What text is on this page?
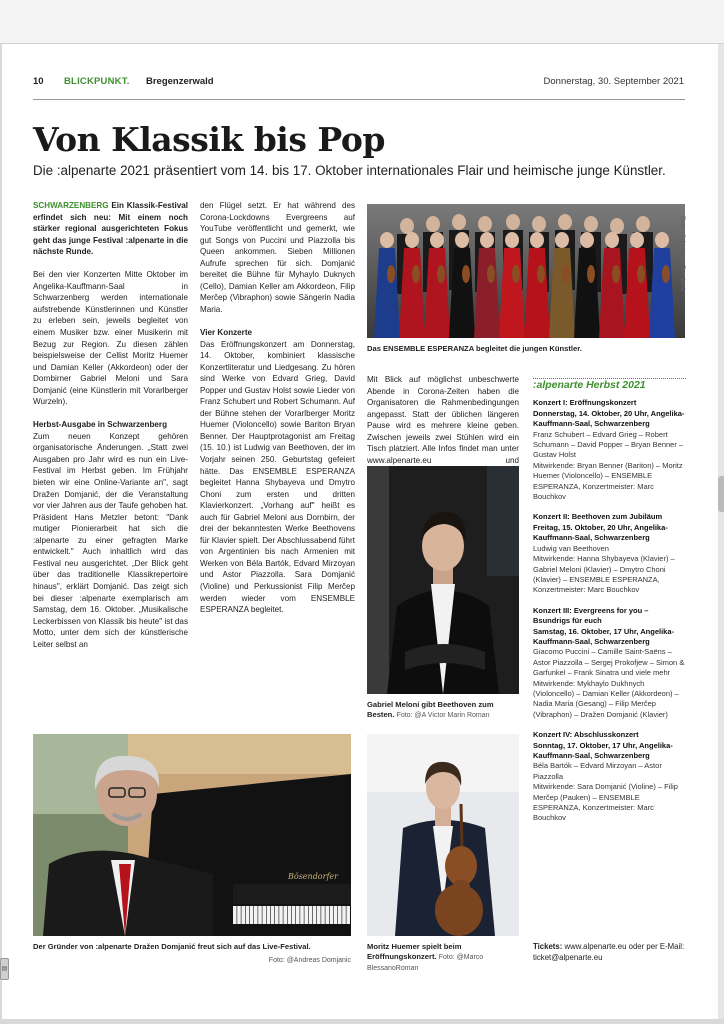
▤
10 BLICKPUNKT. Bregenzerwald	Donnerstag, 30. September 2021
Von Klassik bis Pop
Die :alpenarte 2021 präsentiert vom 14. bis 17. Oktober internationales Flair und heimische junge Künstler.

SCHWARZENBERG Ein Klassik-Festival erfindet sich neu: Mit einem noch stärker regional ausgerichteten Fokus geht das junge Festival :alpenarte in die nächste Runde.

Bei den vier Konzerten Mitte Oktober im Angelika-Kauffmann-Saal in Schwarzenberg werden internationale aufstrebende Künstlerinnen und Künstler zu erleben sein, jeweils begleitet von einem Musiker bzw. einer Musikerin mit Bezug zur Region. Zu diesen zählen beispielsweise der Cellist Moritz Huemer und Damian Keller (Akkordeon) oder der Dornbirner Gabriel Meloni und Sara Domjanić (eine Künstlerin mit Vorarlberger Wurzeln).

Herbst-Ausgabe in Schwarzenberg

Zum neuen Konzept gehören organisatorische Änderungen. „Statt zwei Ausgaben pro Jahr wird es nun ein Live-Festival im Herbst geben. Im Frühjahr bieten wir eine Online-Variante an", sagt Dražen Domjanić, der die Veranstaltung vor vier Jahren aus der Taufe gehoben hat. Präsident Hans Metzler betont: "Dank mutiger Pionierarbeit hat sich die :alpenarte zu einer gefragten Marke entwickelt." Auch inhaltlich wird das Festival neu ausgerichtet. „Der Blick geht über das traditionelle Klassikrepertoire hinaus", erklärt Domjanić. Das zeigt sich bei dieser :alpenarte exemplarisch am Samstag, dem 16. Oktober. „Musikalische Leckerbissen von Klassik bis heute" ist das Motto, unter dem sich der künstlerische Leiter selbst an

den Flügel setzt. Er hat während des Corona-Lockdowns Evergreens auf YouTube veröffentlicht und gemerkt, wie gut Songs von Puccini und Piazzolla bis Queen ankommen. Sieben Millionen Aufrufe sprechen für sich. Domjanić bereitet die Bühne für Myhaylo Duknych (Cello), Damian Keller am Akkordeon, Filip Merčep (Vibraphon) sowie Sängerin Nadia Maria.

Vier Konzerte

Das Eröffnungskonzert am Donnerstag, 14. Oktober, kombiniert klassische Konzertliteratur und Liedgesang. Zu hören sind Werke von Edvard Grieg, David Popper und Gustav Holst sowie Lieder von Franz Schubert und Robert Schumann. Auf der Bühne stehen der Vorarlberger Moritz Huemer (Violoncello) sowie Bariton Bryan Benner. Der Hauptprotagonist am Freitag (15. 10.) ist Ludwig van Beethoven, der im Vorjahr seinen 250. Geburtstag gefeiert hätte. Das ENSEMBLE ESPERANZA begleitet Hanna Shybayeva und Dmytro Choni zum ersten und dritten Klavierkonzert. „Vorhang auf" heißt es auch für Gabriel Meloni aus Dornbirn, der drei der bekanntesten Werke Beethovens für Klavier spielt. Der Abschlussabend führt von Argentinien bis nach Armenien mit Werken von Béla Bartók, Edvard Mirzoyan und Astor Piazzolla. Sara Domjanić (Violine) und Perkussionist Filip Merčep werden wieder vom ENSEMBLE ESPERANZA begleitet.

Mit Blick auf möglichst unbeschwerte Abende in Corona-Zeiten haben die Organisatoren die Rahmenbedingungen angepasst. Statt der üblichen längeren Pause wird es mehrere kleine geben. Zwischen jeweils zwei Stühlen wird ein Tisch platziert. Alle Infos findet man unter www.alpenarte.eu und

Foto: @Andreas Domjanic
Das ENSEMBLE ESPERANZA begleitet die jungen Künstler.
Gabriel Meloni gibt Beethoven zum Besten. Foto: @A Victor Marin Roman
Bösendorfer
Der Gründer von :alpenarte Dražen Domjanić freut sich auf das Live-Festival.
Foto: @Andreas Domjanic
Moritz Huemer spielt beim Eröffnungskonzert. Foto: @Marco BlessanoRoman
:alpenarte Herbst 2021
Konzert I: Eröffnungskonzert
Donnerstag, 14. Oktober, 20 Uhr, Angelika-Kauffmann-Saal, Schwarzenberg
Franz Schubert – Edvard Grieg – Robert Schumann – David Popper – Bryan Benner – Gustav Holst
Mitwirkende: Bryan Benner (Bariton) – Moritz Huemer (Violoncello) – ENSEMBLE ESPERANZA, Konzertmeister: Marc Bouchkov
Konzert II: Beethoven zum Jubiläum
Freitag, 15. Oktober, 20 Uhr, Angelika-Kauffmann-Saal, Schwarzenberg
Ludwig van Beethoven
Mitwirkende: Hanna Shybayeva (Klavier) – Gabriel Meloni (Klavier) – Dmytro Choni (Klavier) – ENSEMBLE ESPERANZA, Konzertmeister: Marc Bouchkov
Konzert III: Evergreens for you – Bsundrigs für euch
Samstag, 16. Oktober, 17 Uhr, Angelika-Kauffmann-Saal, Schwarzenberg
Giacomo Puccini – Camille Saint-Saëns – Astor Piazzolla – Sergej Prokofjew – Simon & Garfunkel – Frank Sinatra und viele mehr
Mitwirkende: Mykhaylo Dukhnych (Violoncello) – Damian Keller (Akkordeon) – Nadia Maria (Gesang) – Filip Merčep (Vibraphon) – Dražen Domjanić (Klavier)
Konzert IV: Abschlusskonzert
Sonntag, 17. Oktober, 17 Uhr, Angelika-Kauffmann-Saal, Schwarzenberg
Béla Bartók – Edvard Mirzoyan – Astor Piazzolla
Mitwirkende: Sara Domjanić (Violine) – Filip Merčep (Pauken) – ENSEMBLE ESPERANZA, Konzertmeister: Marc Bouchkov
Tickets: www.alpenarte.eu oder per E-Mail: ticket@alpenarte.eu
